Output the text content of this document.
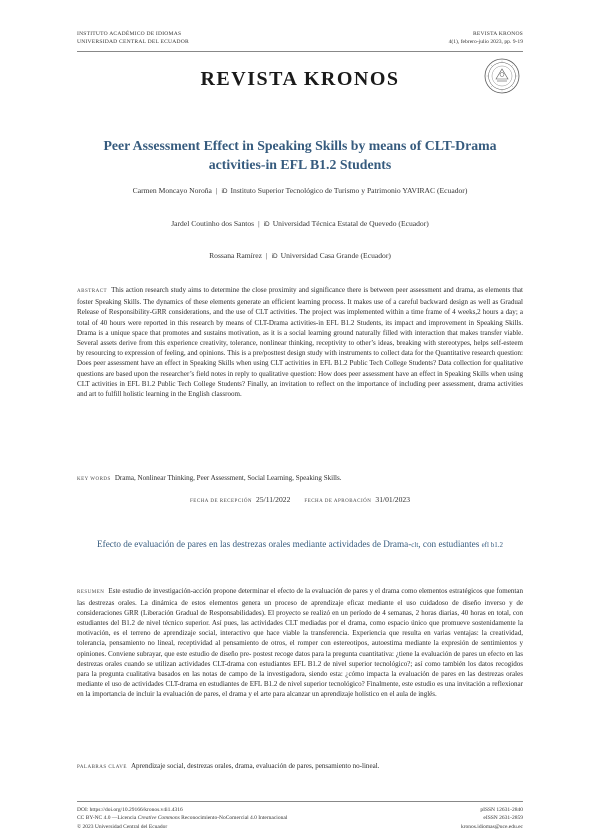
INSTITUTO ACADÉMICO DE IDIOMAS
UNIVERSIDAD CENTRAL DEL ECUADOR
REVISTA KRONOS
4(1), febrero-julio 2023, pp. 9-19
REVISTA KRONOS
Peer Assessment Effect in Speaking Skills by means of CLT-Drama activities-in EFL B1.2 Students
Carmen Moncayo Noroña | iD Instituto Superior Tecnológico de Turismo y Patrimonio YAVIRAC (Ecuador)
Jardel Coutinho dos Santos | iD Universidad Técnica Estatal de Quevedo (Ecuador)
Rossana Ramírez | iD Universidad Casa Grande (Ecuador)
ABSTRACT This action research study aims to determine the close proximity and significance there is between peer assessment and drama, as elements that foster Speaking Skills. The dynamics of these elements generate an efficient learning process. It makes use of a careful backward design as well as Gradual Release of Responsibility-GRR considerations, and the use of CLT activities. The project was implemented within a time frame of 4 weeks,2 hours a day; a total of 40 hours were reported in this research by means of CLT-Drama activities-in EFL B1.2 Students, its impact and improvement in Speaking Skills. Drama is a unique space that promotes and sustains motivation, as it is a social learning ground naturally filled with interaction that makes transfer viable. Several assets derive from this experience creativity, tolerance, nonlinear thinking, receptivity to other’s ideas, breaking with stereotypes, helps self-esteem by resourcing to expression of feeling, and opinions. This is a pre/posttest design study with instruments to collect data for the Quantitative research question: Does peer assessment have an effect in Speaking Skills when using CLT activities in EFL B1.2 Public Tech College Students? Data collection for qualitative questions are based upon the researcher’s field notes in reply to qualitative question: How does peer assessment have an effect in Speaking Skills when using CLT activities in EFL B1.2 Public Tech College Students? Finally, an invitation to reflect on the importance of including peer assessment, drama activities and art to fulfill holistic learning in the English classroom.
KEY WORDS Drama, Nonlinear Thinking, Peer Assessment, Social Learning, Speaking Skills.
FECHA DE RECEPCIÓN 25/11/2022	FECHA DE APROBACIÓN 31/01/2023
Efecto de evaluación de pares en las destrezas orales mediante actividades de Drama-clt, con estudiantes efl b1.2
RESUMEN Este estudio de investigación-acción propone determinar el efecto de la evaluación de pares y el drama como elementos estratégicos que fomentan las destrezas orales. La dinámica de estos elementos genera un proceso de aprendizaje eficaz mediante el uso cuidadoso de diseño inverso y de consideraciones GRR (Liberación Gradual de Responsabilidades). El proyecto se realizó en un período de 4 semanas, 2 horas diarias, 40 horas en total, con estudiantes del B1.2 de nivel técnico superior. Así pues, las actividades CLT mediadas por el drama, como espacio único que promueve sostenidamente la motivación, es el terreno de aprendizaje social, interactivo que hace viable la transferencia. Experiencia que resulta en varias ventajas: la creatividad, tolerancia, pensamiento no lineal, receptividad al pensamiento de otros, el romper con estereotipos, autoestima mediante la expresión de sentimientos y opiniones. Conviene subrayar, que este estudio de diseño pre- postest recoge datos para la pregunta cuantitativa: ¿tiene la evaluación de pares un efecto en las destrezas orales cuando se utilizan actividades CLT-drama con estudiantes EFL B1.2 de nivel superior tecnológico?; así como también los datos recogidos para la pregunta cualitativa basados en las notas de campo de la investigadora, siendo esta: ¿cómo impacta la evaluación de pares en las destrezas orales mediante el uso de actividades CLT-drama en estudiantes de EFL B1.2 de nivel superior tecnológico? Finalmente, este estudio es una invitación a reflexionar en la importancia de incluir la evaluación de pares, el drama y el arte para alcanzar un aprendizaje holístico en el aula de inglés.
PALABRAS CLAVE Aprendizaje social, destrezas orales, drama, evaluación de pares, pensamiento no-lineal.
DOI: https://doi.org/10.29166/kronos.v4i1.4316
CC BY-NC 4.0 —Licencia Creative Commons Reconocimiento-NoComercial 4.0 Internacional
© 2023 Universidad Central del Ecuador
pISSN 12631-2840
eISSN 2631-2859
kronos.idiomas@uce.edu.ec
